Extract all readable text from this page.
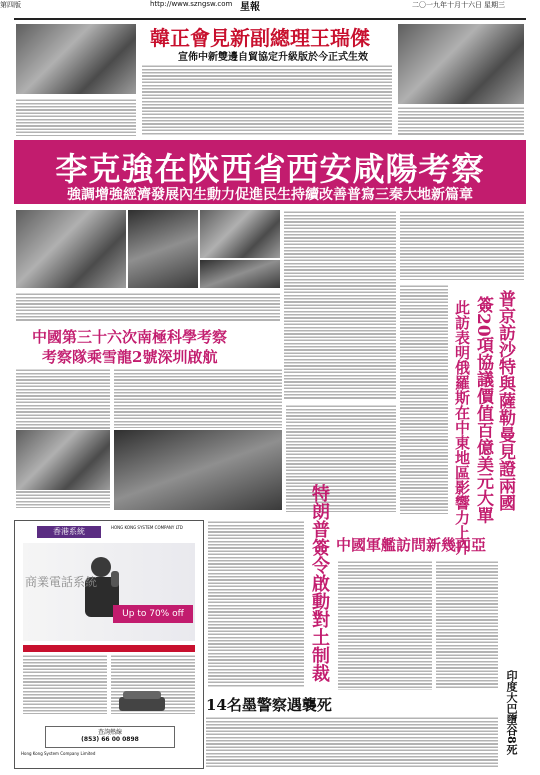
第四版	http://www.szngsw.com 星報	二〇一九年十月十六日 星期三
韓正會見新副總理王瑞傑
宣佈中新雙邊自貿協定升級版於今正式生效
李克強在陝西省西安咸陽考察
強調增強經濟發展內生動力促進民生持續改善普寫三秦大地新篇章
中國第三十六次南極科學考察
考察隊乘雪龍2號深圳啟航	普京訪沙特與薩勒曼見證兩國
簽20項協議價值百億美元大單
此訪表明俄羅斯在中東地區影響力上升
特朗普簽令啟動對土制裁 中國軍艦訪問新幾內亞
14名墨警察遇襲死	印度大巴墮谷8死
香港系統	HONG KONG SYSTEM COMPANY LTD
商業電話系統
Up to 70% off
查詢熱線
(853) 66 00 0898
Hong Kong System Company Limited
